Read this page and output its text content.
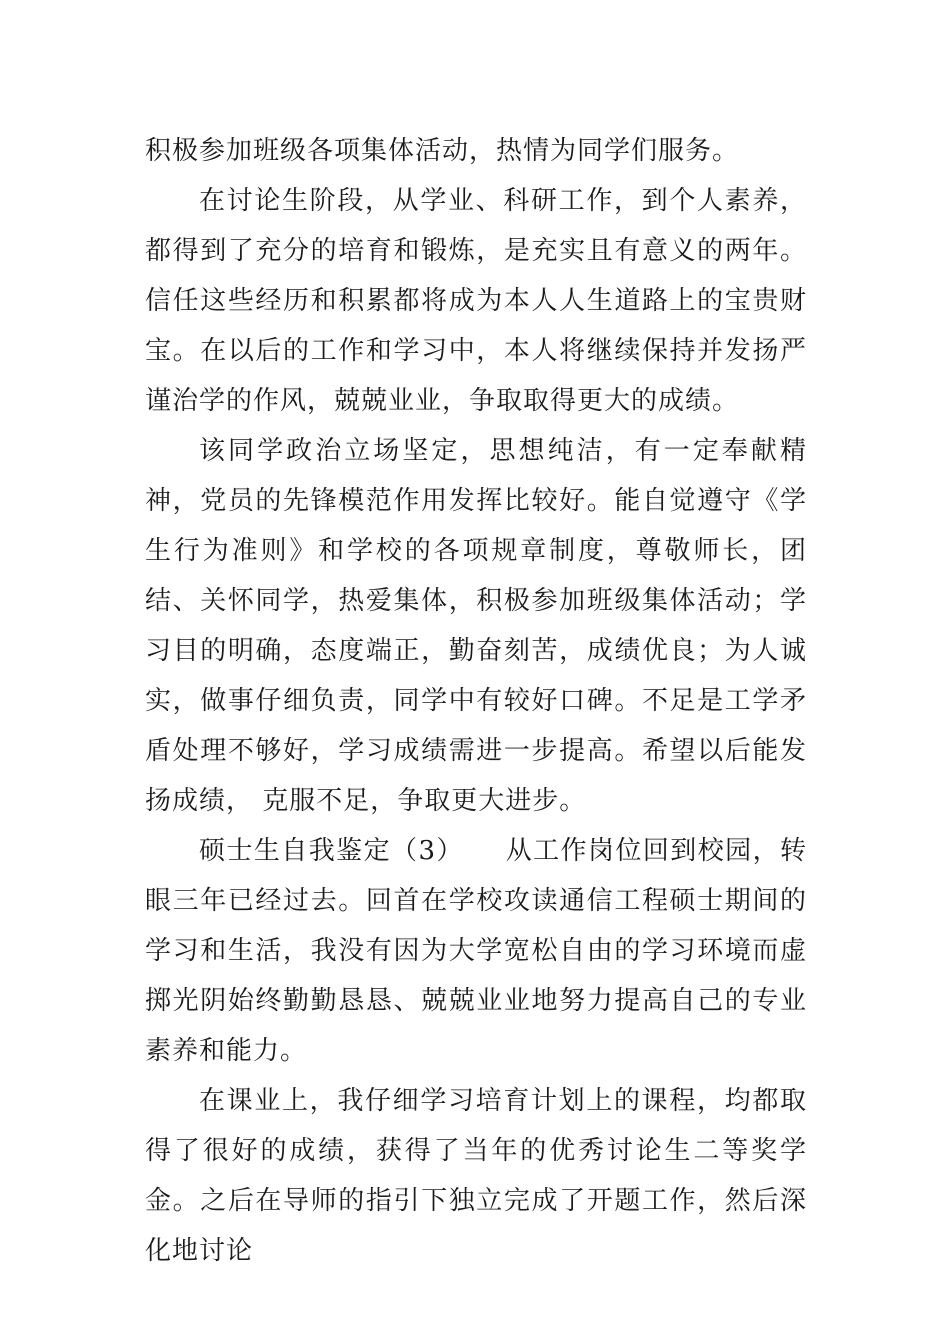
积极参加班级各项集体活动，热情为同学们服务。

在讨论生阶段，从学业、科研工作，到个人素养，都得到了充分的培育和锻炼，是充实且有意义的两年。信任这些经历和积累都将成为本人人生道路上的宝贵财宝。在以后的工作和学习中，本人将继续保持并发扬严谨治学的作风，兢兢业业，争取取得更大的成绩。

该同学政治立场坚定，思想纯洁，有一定奉献精神，党员的先锋模范作用发挥比较好。能自觉遵守《学生行为准则》和学校的各项规章制度，尊敬师长，团结、关怀同学，热爱集体，积极参加班级集体活动；学习目的明确，态度端正，勤奋刻苦，成绩优良；为人诚实，做事仔细负责，同学中有较好口碑。不足是工学矛盾处理不够好，学习成绩需进一步提高。希望以后能发扬成绩， 克服不足，争取更大进步。

硕士生自我鉴定（3）　　从工作岗位回到校园，转眼三年已经过去。回首在学校攻读通信工程硕士期间的学习和生活，我没有因为大学宽松自由的学习环境而虚掷光阴始终勤勤恳恳、兢兢业业地努力提高自己的专业素养和能力。

在课业上，我仔细学习培育计划上的课程，均都取得了很好的成绩，获得了当年的优秀讨论生二等奖学金。之后在导师的指引下独立完成了开题工作，然后深化地讨论
